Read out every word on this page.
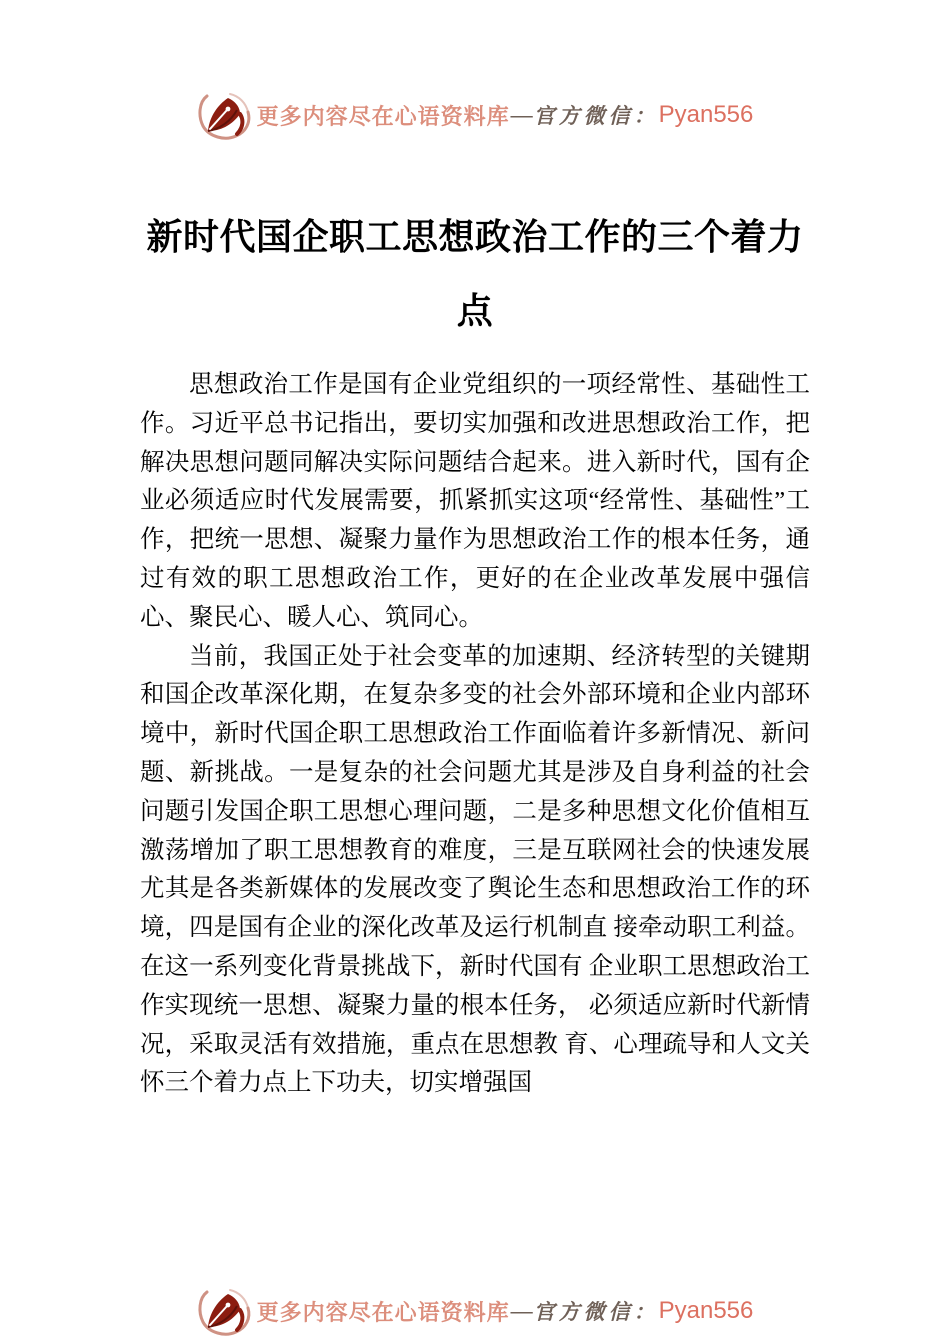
更多内容尽在心语资料库 — 官方微信： Pyan556
新时代国企职工思想政治工作的三个着力点

思想政治工作是国有企业党组织的一项经常性、基础性工作。习近平总书记指出，要切实加强和改进思想政治工作，把解决思想问题同解决实际问题结合起来。进入新时代，国有企业必须适应时代发展需要，抓紧抓实这项“经常性、基础性”工作，把统一思想、凝聚力量作为思想政治工作的根本任务，通过有效的职工思想政治工作，更好的在企业改革发展中强信心、聚民心、暖人心、筑同心。

当前，我国正处于社会变革的加速期、经济转型的关键期和国企改革深化期，在复杂多变的社会外部环境和企业内部环境中，新时代国企职工思想政治工作面临着许多新情况、新问题、新挑战。一是复杂的社会问题尤其是涉及自身利益的社会问题引发国企职工思想心理问题，二是多种思想文化价值相互激荡增加了职工思想教育的难度，三是互联网社会的快速发展尤其是各类新媒体的发展改变了舆论生态和思想政治工作的环境，四是国有企业的深化改革及运行机制直 接牵动职工利益。在这一系列变化背景挑战下，新时代国有 企业职工思想政治工作实现统一思想、凝聚力量的根本任务， 必须适应新时代新情况，采取灵活有效措施，重点在思想教 育、心理疏导和人文关怀三个着力点上下功夫，切实增强国

更多内容尽在心语资料库 — 官方微信： Pyan556
